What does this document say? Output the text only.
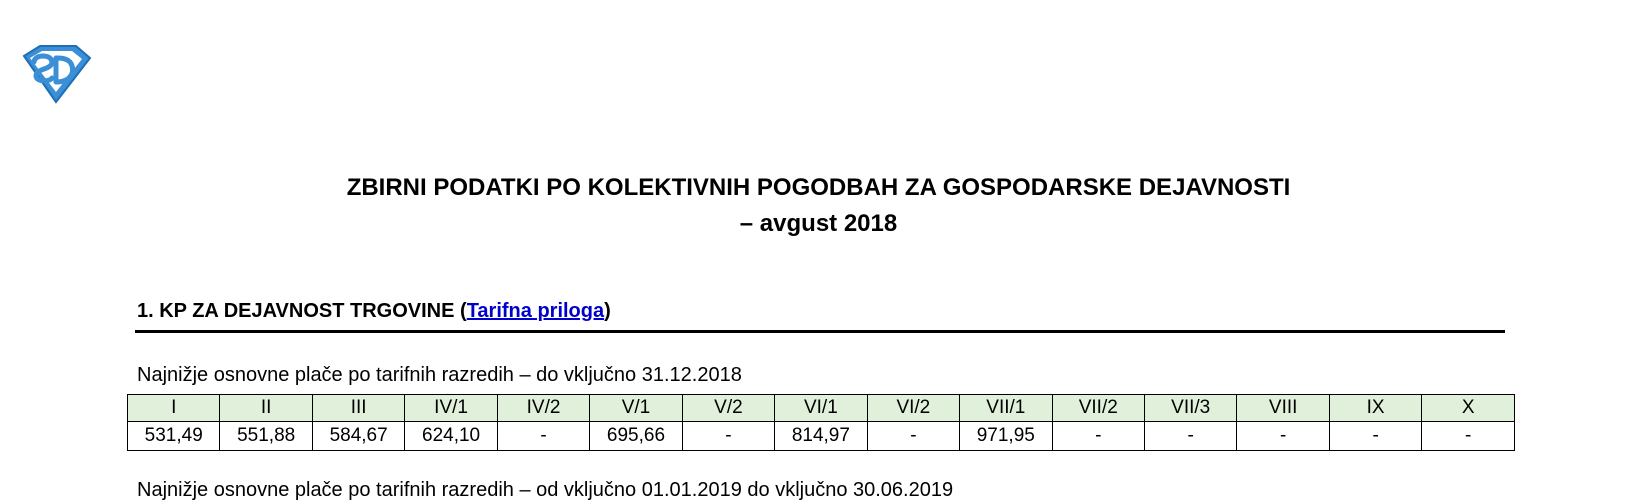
ZBIRNI PODATKI PO KOLEKTIVNIH POGODBAH ZA GOSPODARSKE DEJAVNOSTI
– avgust 2018
1. KP ZA DEJAVNOST TRGOVINE (Tarifna priloga)
Najnižje osnovne plače po tarifnih razredih – do vključno 31.12.2018
I	II	III	IV/1	IV/2	V/1	V/2	VI/1	VI/2	VII/1	VII/2	VII/3	VIII	IX	X
531,49	551,88	584,67	624,10	-	695,66	-	814,97	-	971,95	-	-	-	-	-
Najnižje osnovne plače po tarifnih razredih – od vključno 01.01.2019 do vključno 30.06.2019
